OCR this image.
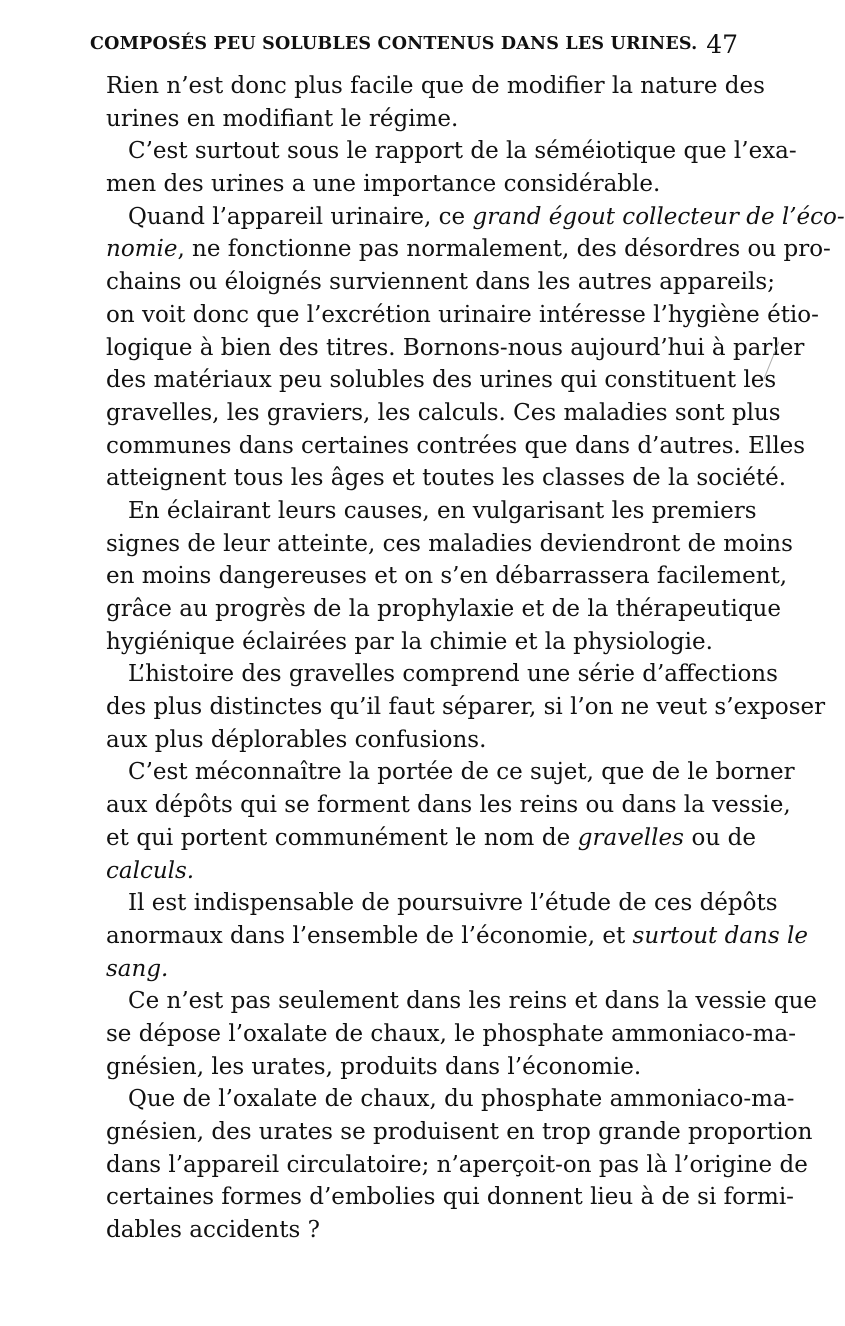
COMPOSÉS PEU SOLUBLES CONTENUS DANS LES URINES. 47
Rien n’est donc plus facile que de modifier la nature des
urines en modifiant le régime.
C’est surtout sous le rapport de la séméiotique que l’exa-
men des urines a une importance considérable.
Quand l’appareil urinaire, ce grand égout collecteur de l’éco-
nomie, ne fonctionne pas normalement, des désordres ou pro-
chains ou éloignés surviennent dans les autres appareils;
on voit donc que l’excrétion urinaire intéresse l’hygiène étio-
logique à bien des titres. Bornons-nous aujourd’hui à parler
des matériaux peu solubles des urines qui constituent les
gravelles, les graviers, les calculs. Ces maladies sont plus
communes dans certaines contrées que dans d’autres. Elles
atteignent tous les âges et toutes les classes de la société.
En éclairant leurs causes, en vulgarisant les premiers
signes de leur atteinte, ces maladies deviendront de moins
en moins dangereuses et on s’en débarrassera facilement,
grâce au progrès de la prophylaxie et de la thérapeutique
hygiénique éclairées par la chimie et la physiologie.
L’histoire des gravelles comprend une série d’affections
des plus distinctes qu’il faut séparer, si l’on ne veut s’exposer
aux plus déplorables confusions.
C’est méconnaître la portée de ce sujet, que de le borner
aux dépôts qui se forment dans les reins ou dans la vessie,
et qui portent communément le nom de gravelles ou de
calculs.
Il est indispensable de poursuivre l’étude de ces dépôts
anormaux dans l’ensemble de l’économie, et surtout dans le
sang.
Ce n’est pas seulement dans les reins et dans la vessie que
se dépose l’oxalate de chaux, le phosphate ammoniaco-ma-
gnésien, les urates, produits dans l’économie.
Que de l’oxalate de chaux, du phosphate ammoniaco-ma-
gnésien, des urates se produisent en trop grande proportion
dans l’appareil circulatoire; n’aperçoit-on pas là l’origine de
certaines formes d’embolies qui donnent lieu à de si formi-
dables accidents ?
